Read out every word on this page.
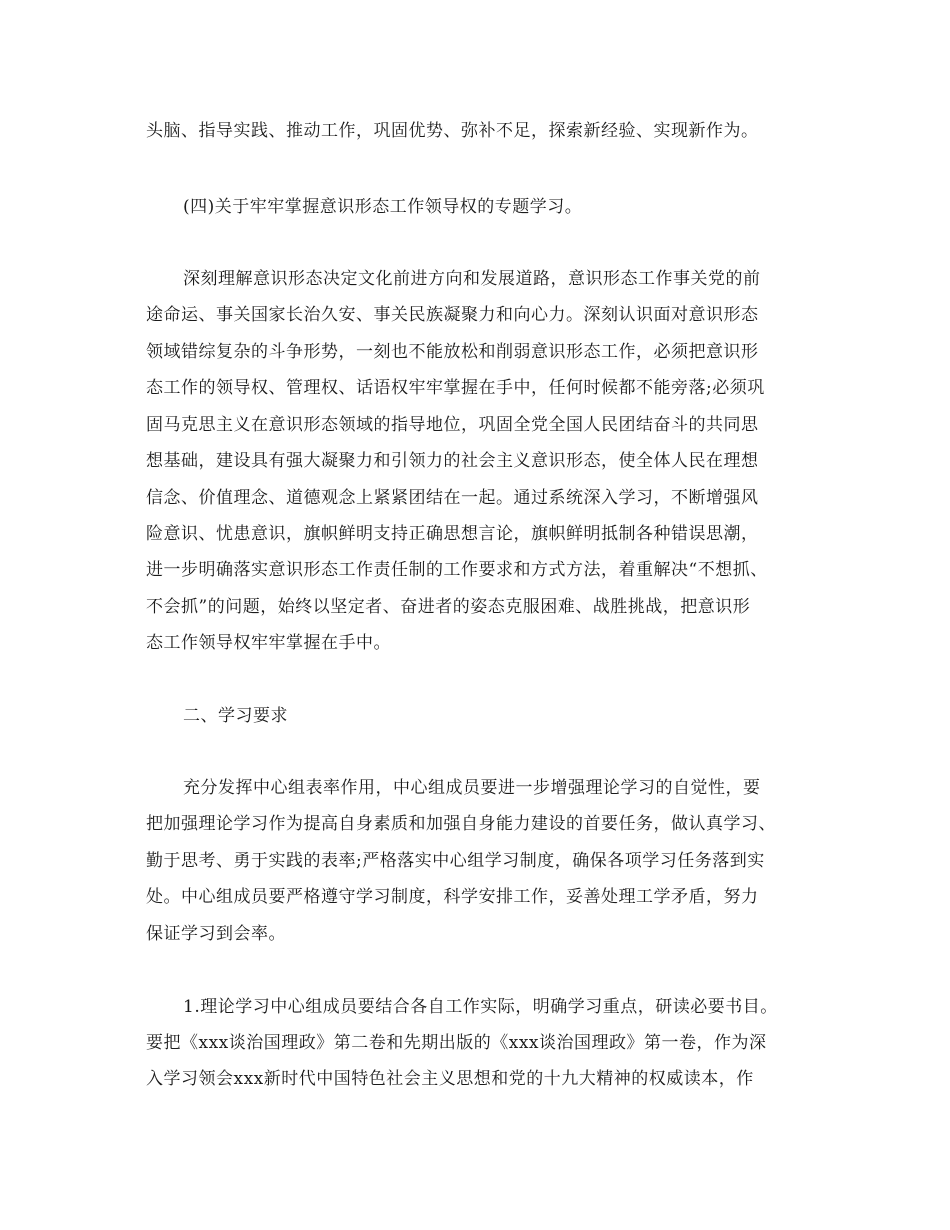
头脑、指导实践、推动工作，巩固优势、弥补不足，探索新经验、实现新作为。
(四)关于牢牢掌握意识形态工作领导权的专题学习。
深刻理解意识形态决定文化前进方向和发展道路，意识形态工作事关党的前
途命运、事关国家长治久安、事关民族凝聚力和向心力。深刻认识面对意识形态
领域错综复杂的斗争形势，一刻也不能放松和削弱意识形态工作，必须把意识形
态工作的领导权、管理权、话语权牢牢掌握在手中，任何时候都不能旁落;必须巩
固马克思主义在意识形态领域的指导地位，巩固全党全国人民团结奋斗的共同思
想基础，建设具有强大凝聚力和引领力的社会主义意识形态，使全体人民在理想
信念、价值理念、道德观念上紧紧团结在一起。通过系统深入学习，不断增强风
险意识、忧患意识，旗帜鲜明支持正确思想言论，旗帜鲜明抵制各种错误思潮，
进一步明确落实意识形态工作责任制的工作要求和方式方法，着重解决“不想抓、
不会抓”的问题，始终以坚定者、奋进者的姿态克服困难、战胜挑战，把意识形
态工作领导权牢牢掌握在手中。
二、学习要求
充分发挥中心组表率作用，中心组成员要进一步增强理论学习的自觉性，要
把加强理论学习作为提高自身素质和加强自身能力建设的首要任务，做认真学习、
勤于思考、勇于实践的表率;严格落实中心组学习制度，确保各项学习任务落到实
处。中心组成员要严格遵守学习制度，科学安排工作，妥善处理工学矛盾，努力
保证学习到会率。
1.理论学习中心组成员要结合各自工作实际，明确学习重点，研读必要书目。
要把《xxx谈治国理政》第二卷和先期出版的《xxx谈治国理政》第一卷，作为深
入学习领会xxx新时代中国特色社会主义思想和党的十九大精神的权威读本，作
